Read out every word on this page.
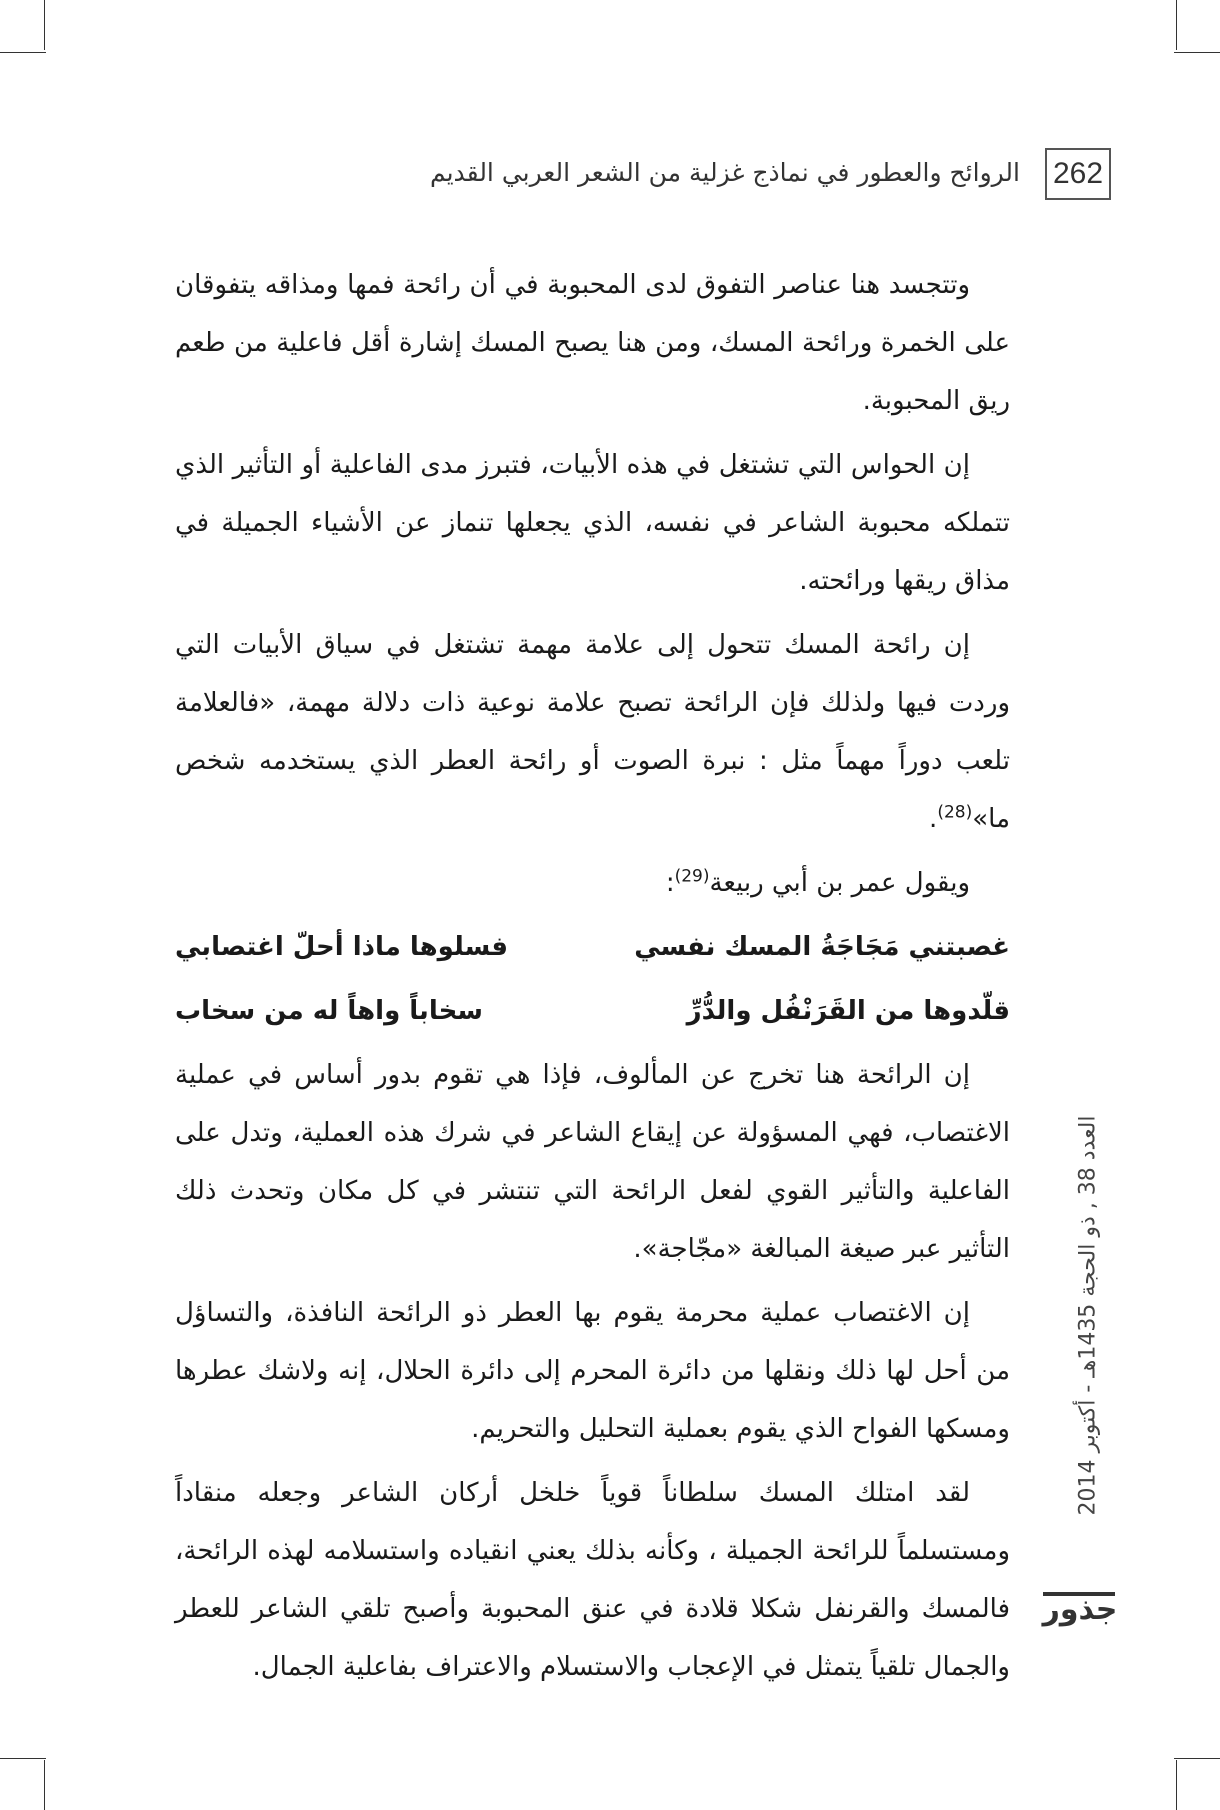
262
الروائح والعطور في نماذج غزلية من الشعر العربي القديم

وتتجسد هنا عناصر التفوق لدى المحبوبة في أن رائحة فمها ومذاقه يتفوقان على الخمرة ورائحة المسك، ومن هنا يصبح المسك إشارة أقل فاعلية من طعم ريق المحبوبة.

إن الحواس التي تشتغل في هذه الأبيات، فتبرز مدى الفاعلية أو التأثير الذي تتملكه محبوبة الشاعر في نفسه، الذي يجعلها تنماز عن الأشياء الجميلة في مذاق ريقها ورائحته.

إن رائحة المسك تتحول إلى علامة مهمة تشتغل في سياق الأبيات التي وردت فيها ولذلك فإن الرائحة تصبح علامة نوعية ذات دلالة مهمة، «فالعلامة تلعب دوراً مهماً مثل : نبرة الصوت أو رائحة العطر الذي يستخدمه شخص ما»$^{(28)}$.

ويقول عمر بن أبي ربيعة$^{(29)}$:

غصبتني مَجَاجَةُ المسك نفسي
فسلوها ماذا أحلّ اغتصابي
قلّدوها من القَرَنْفُل والدُّرِّ
سخاباً واهاً له من سخاب

إن الرائحة هنا تخرج عن المألوف، فإذا هي تقوم بدور أساس في عملية الاغتصاب، فهي المسؤولة عن إيقاع الشاعر في شرك هذه العملية، وتدل على الفاعلية والتأثير القوي لفعل الرائحة التي تنتشر في كل مكان وتحدث ذلك التأثير عبر صيغة المبالغة «مجّاجة».

إن الاغتصاب عملية محرمة يقوم بها العطر ذو الرائحة النافذة، والتساؤل من أحل لها ذلك ونقلها من دائرة المحرم إلى دائرة الحلال، إنه ولاشك عطرها ومسكها الفواح الذي يقوم بعملية التحليل والتحريم.

لقد امتلك المسك سلطاناً قوياً خلخل أركان الشاعر وجعله منقاداً ومستسلماً للرائحة الجميلة ، وكأنه بذلك يعني انقياده واستسلامه لهذه الرائحة، فالمسك والقرنفل شكلا قلادة في عنق المحبوبة وأصبح تلقي الشاعر للعطر والجمال تلقياً يتمثل في الإعجاب والاستسلام والاعتراف بفاعلية الجمال.

العدد 38 , ذو الحجة 1435هـ - أكتوبر 2014
جذور
